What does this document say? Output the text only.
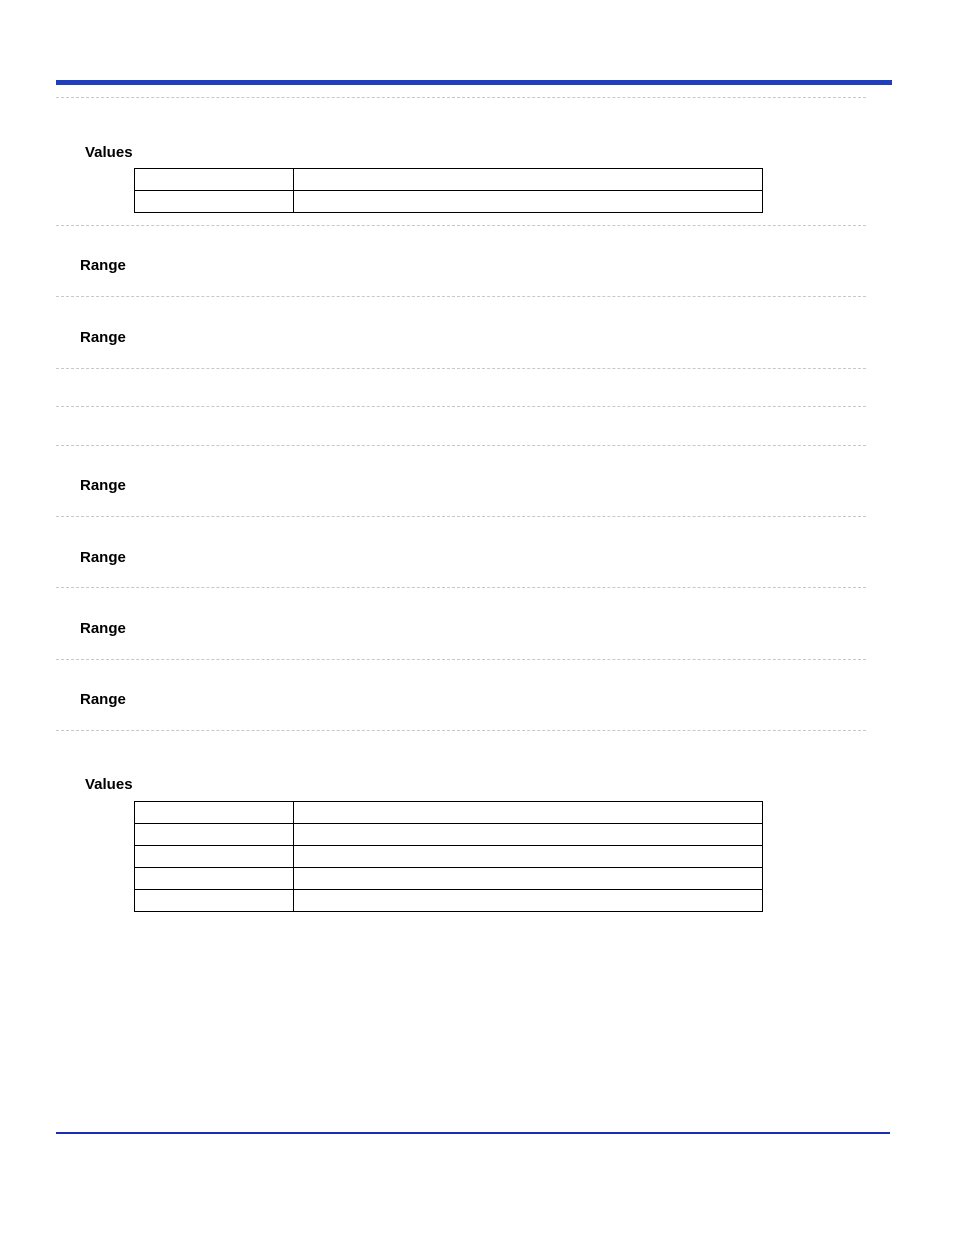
Values

Range
Range
Range
Range
Range
Range
Values
